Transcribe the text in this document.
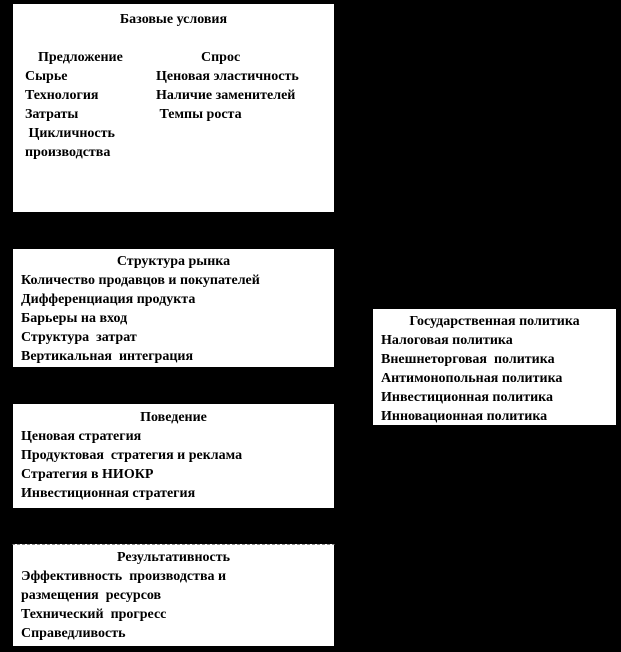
Базовые условия
Предложение
Сырье
Технология
Затраты
Цикличность
производства
Спрос
Ценовая эластичность
Наличие заменителей
Темпы роста
Структура рынка
Количество продавцов и покупателей
Дифференциация продукта
Барьеры на вход
Структура  затрат
Вертикальная  интеграция
Поведение
Ценовая стратегия
Продуктовая  стратегия и реклама
Стратегия в НИОКР
Инвестиционная стратегия
Результативность
Эффективность  производства и
размещения  ресурсов
Технический  прогресс
Справедливость
Государственная политика
Налоговая политика
Внешнеторговая  политика
Антимонопольная политика
Инвестиционная политика
Инновационная политика
